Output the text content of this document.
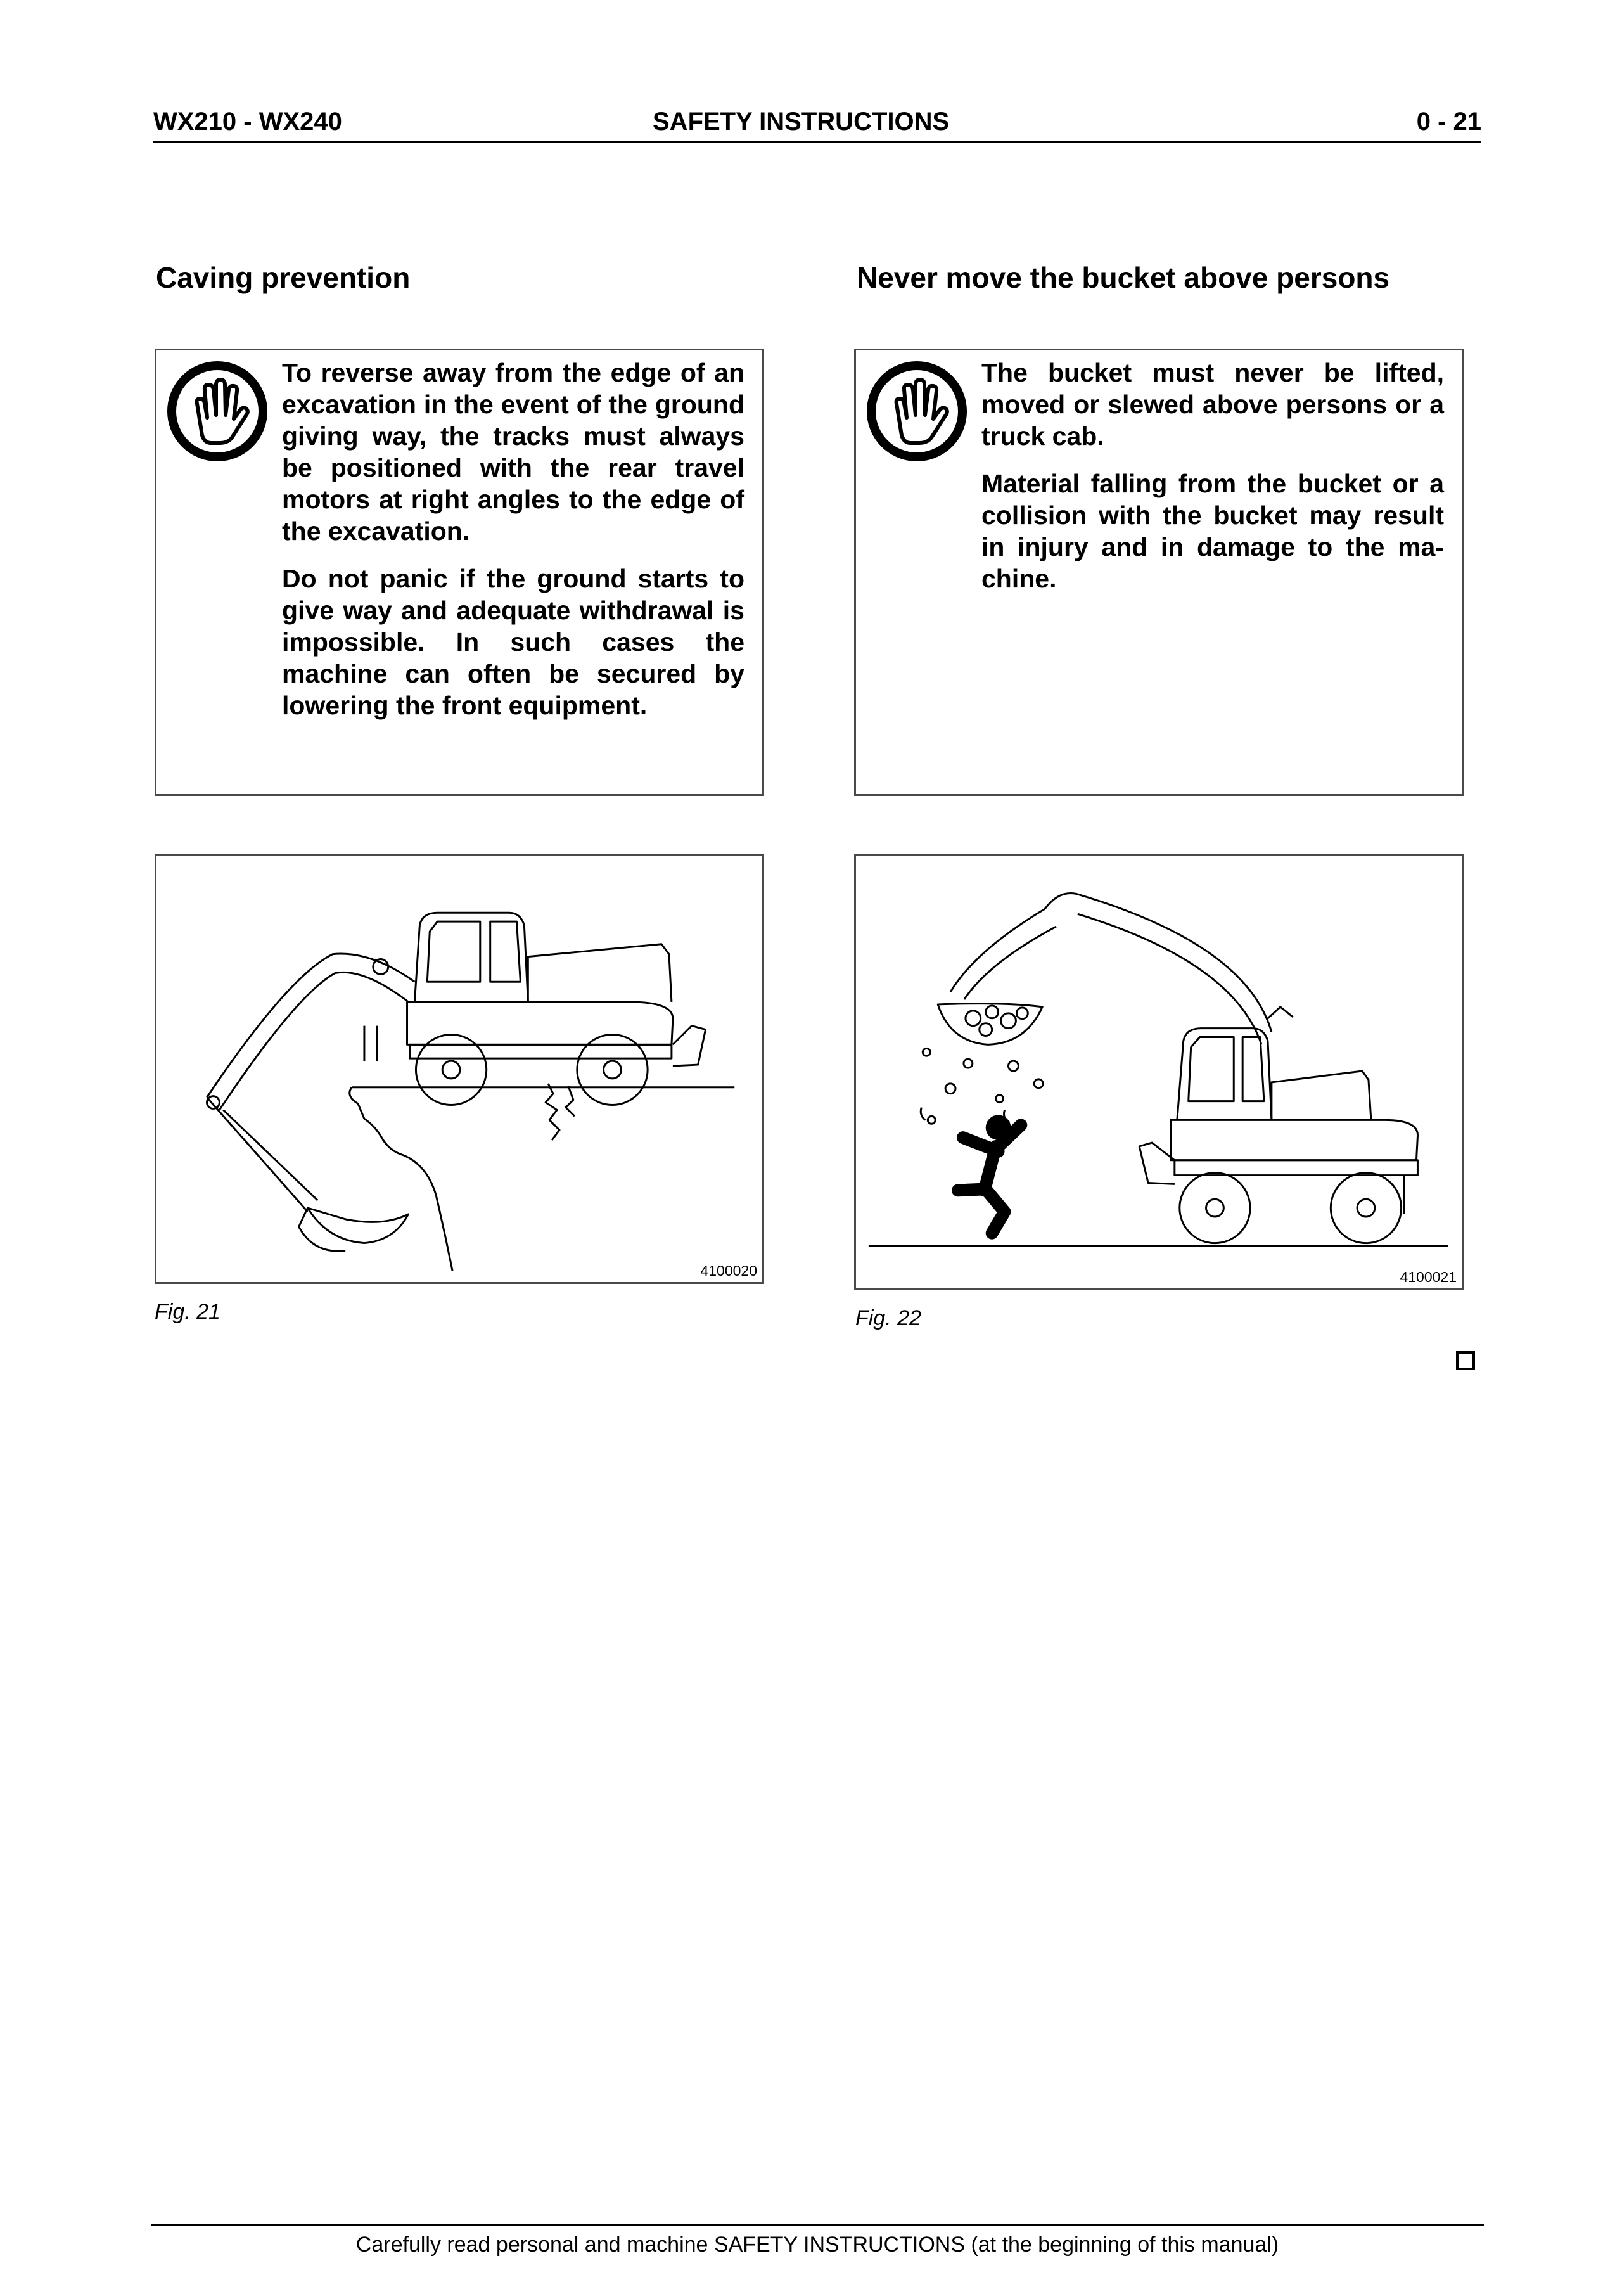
WX210 - WX240	SAFETY INSTRUCTIONS	0 - 21
Caving prevention	Never move the bucket above persons

To reverse away from the edge of an excavation in the event of the ground giving way, the tracks must always be positioned with the rear travel motors at right angles to the edge of the excavation.

Do not panic if the ground starts to give way and adequate withdrawal is impossible. In such cases the machine can often be secured by lowering the front equipment.

The bucket must never be lifted, moved or slewed above persons or a truck cab.

Material falling from the bucket or a collision with the bucket may result in injury and in damage to the ma-chine.

4100020	4100021
Fig. 21	Fig. 22
Carefully read personal and machine SAFETY INSTRUCTIONS (at the beginning of this manual)
